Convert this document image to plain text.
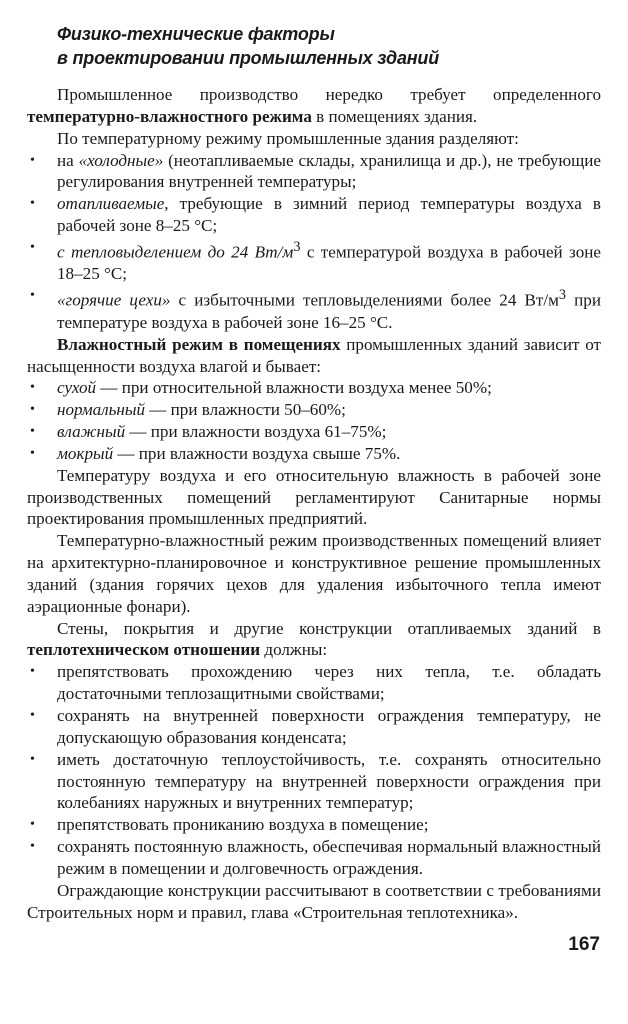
Физико-технические факторы
в проектировании промышленных зданий

Промышленное производство нередко требует определенного температурно-влажностного режима в помещениях здания.

По температурному режиму промышленные здания разделяют:

• на «холодные» (неотапливаемые склады, хранилища и др.), не требующие регулирования внутренней температуры;
• отапливаемые, требующие в зимний период температуры воздуха в рабочей зоне 8–25 °С;
• с тепловыделением до 24 $Вт/м^3$ с температурой воздуха в рабочей зоне 18–25 °С;
• «горячие цехи» с избыточными тепловыделениями более 24 $Вт/м^3$ при температуре воздуха в рабочей зоне 16–25 °С.

Влажностный режим в помещениях промышленных зданий зависит от насыщенности воздуха влагой и бывает:

• сухой — при относительной влажности воздуха менее 50%;
• нормальный — при влажности 50–60%;
• влажный — при влажности воздуха 61–75%;
• мокрый — при влажности воздуха свыше 75%.

Температуру воздуха и его относительную влажность в рабочей зоне производственных помещений регламентируют Санитарные нормы проектирования промышленных предприятий.

Температурно-влажностный режим производственных помещений влияет на архитектурно-планировочное и конструктивное решение промышленных зданий (здания горячих цехов для удаления избыточного тепла имеют аэрационные фонари).

Стены, покрытия и другие конструкции отапливаемых зданий в теплотехническом отношении должны:

• препятствовать прохождению через них тепла, т.е. обладать достаточными теплозащитными свойствами;
• сохранять на внутренней поверхности ограждения температуру, не допускающую образования конденсата;
• иметь достаточную теплоустойчивость, т.е. сохранять относительно постоянную температуру на внутренней поверхности ограждения при колебаниях наружных и внутренних температур;
• препятствовать прониканию воздуха в помещение;
• сохранять постоянную влажность, обеспечивая нормальный влажностный режим в помещении и долговечность ограждения.

Ограждающие конструкции рассчитывают в соответствии с требованиями Строительных норм и правил, глава «Строительная теплотехника».

167
